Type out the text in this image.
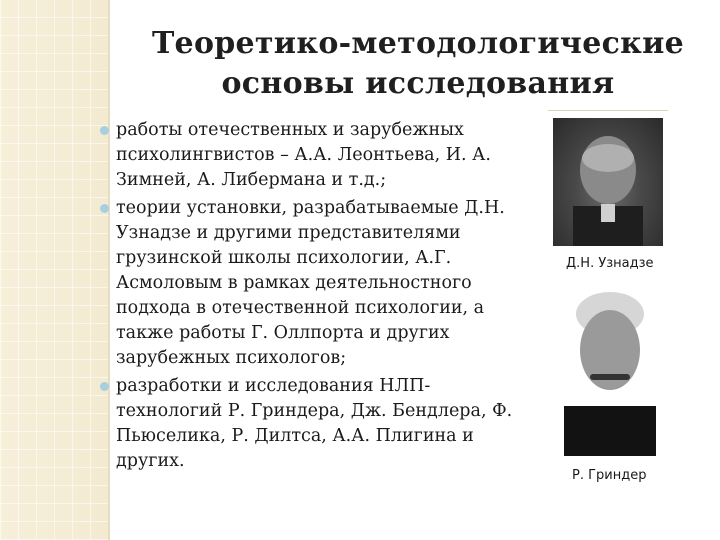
Теоретико-методологические
основы исследования
работы отечественных и зарубежных психолингвистов – А.А. Леонтьева, И. А. Зимней, А. Либермана и т.д.;
теории установки, разрабатываемые Д.Н. Узнадзе и другими представителями грузинской школы психологии, А.Г. Асмоловым в рамках деятельностного подхода в отечественной психологии, а также работы Г. Оллпорта и других зарубежных психологов;
разработки и исследования НЛП-технологий Р. Гриндера, Дж. Бендлера, Ф. Пьюселика, Р. Дилтса, А.А. Плигина и других.
Д.Н. Узнадзе
Р. Гриндер
